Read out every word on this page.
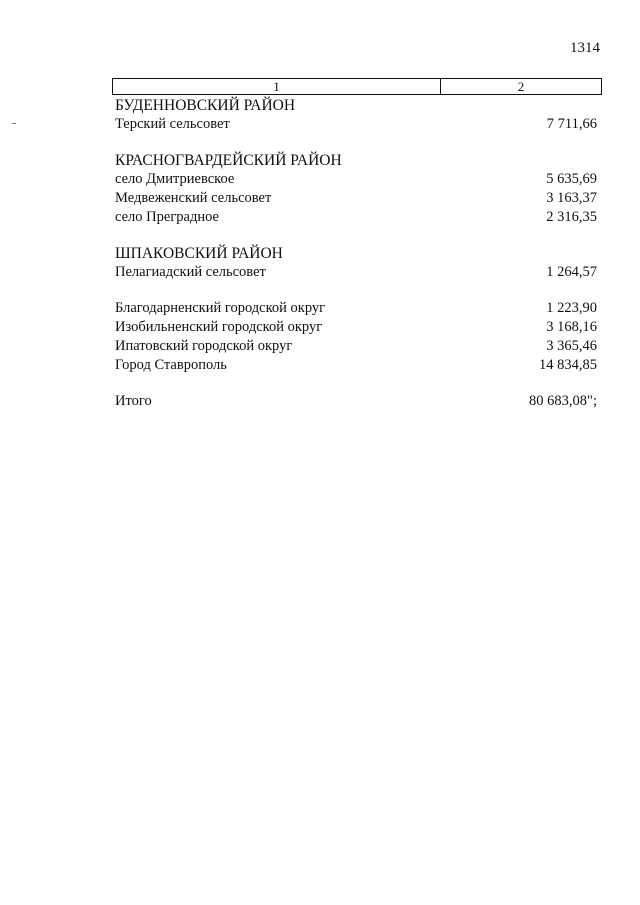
1314
1	2
БУДЕННОВСКИЙ РАЙОН
Терский сельсовет	7 711,66
КРАСНОГВАРДЕЙСКИЙ РАЙОН
село Дмитриевское	5 635,69
Медвеженский сельсовет	3 163,37
село Преградное	2 316,35
ШПАКОВСКИЙ РАЙОН
Пелагиадский сельсовет	1 264,57
Благодарненский городской округ	1 223,90
Изобильненский городской округ	3 168,16
Ипатовский городской округ	3 365,46
Город Ставрополь	14 834,85
Итого	80 683,08";
